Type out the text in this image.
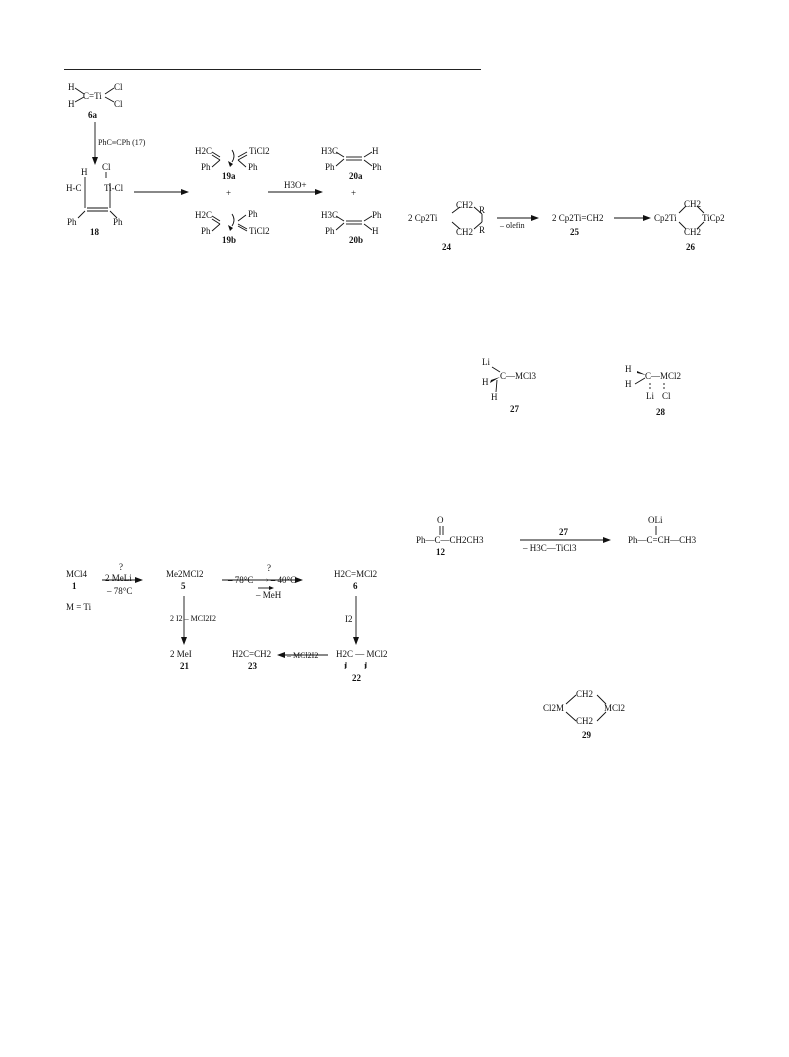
H
H
C=Ti
Cl
Cl
6a
PhC≡CPh (17)
H Cl
H-C	Ti-Cl
Ph	Ph
18
H2C	TiCl2
Ph	Ph
19a
+
H2C	Ph
Ph	TiCl2
19b
H3O+
H3C	H
Ph	Ph
20a
+
H3C	Ph
Ph	H
20b
2 Cp2Ti
CH2
CH2
R
R
24
– olefin
2 Cp2Ti=CH2
25
Cp2Ti	TiCp2
CH2
CH2
26
Li
H
H
C—MCl3
27
H
H
C—MCl2
Li Cl
28
MCl4
1
M = Ti
?
2 MeLi
– 78°C
Me2MCl2
5
?
– 78°C ⟶ – 40°C
– MeH
H2C=MCl2
6
2 I2 – MCl2I2	I2
2 MeI
21
H2C=CH2
23
– MCl2I2 H2C — MCl2
I	I
22
O
Ph—C—CH2CH3
12
27
– H3C—TiCl3
OLi
Ph—C=CH—CH3
Cl2M	MCl2
CH2
CH2
29
